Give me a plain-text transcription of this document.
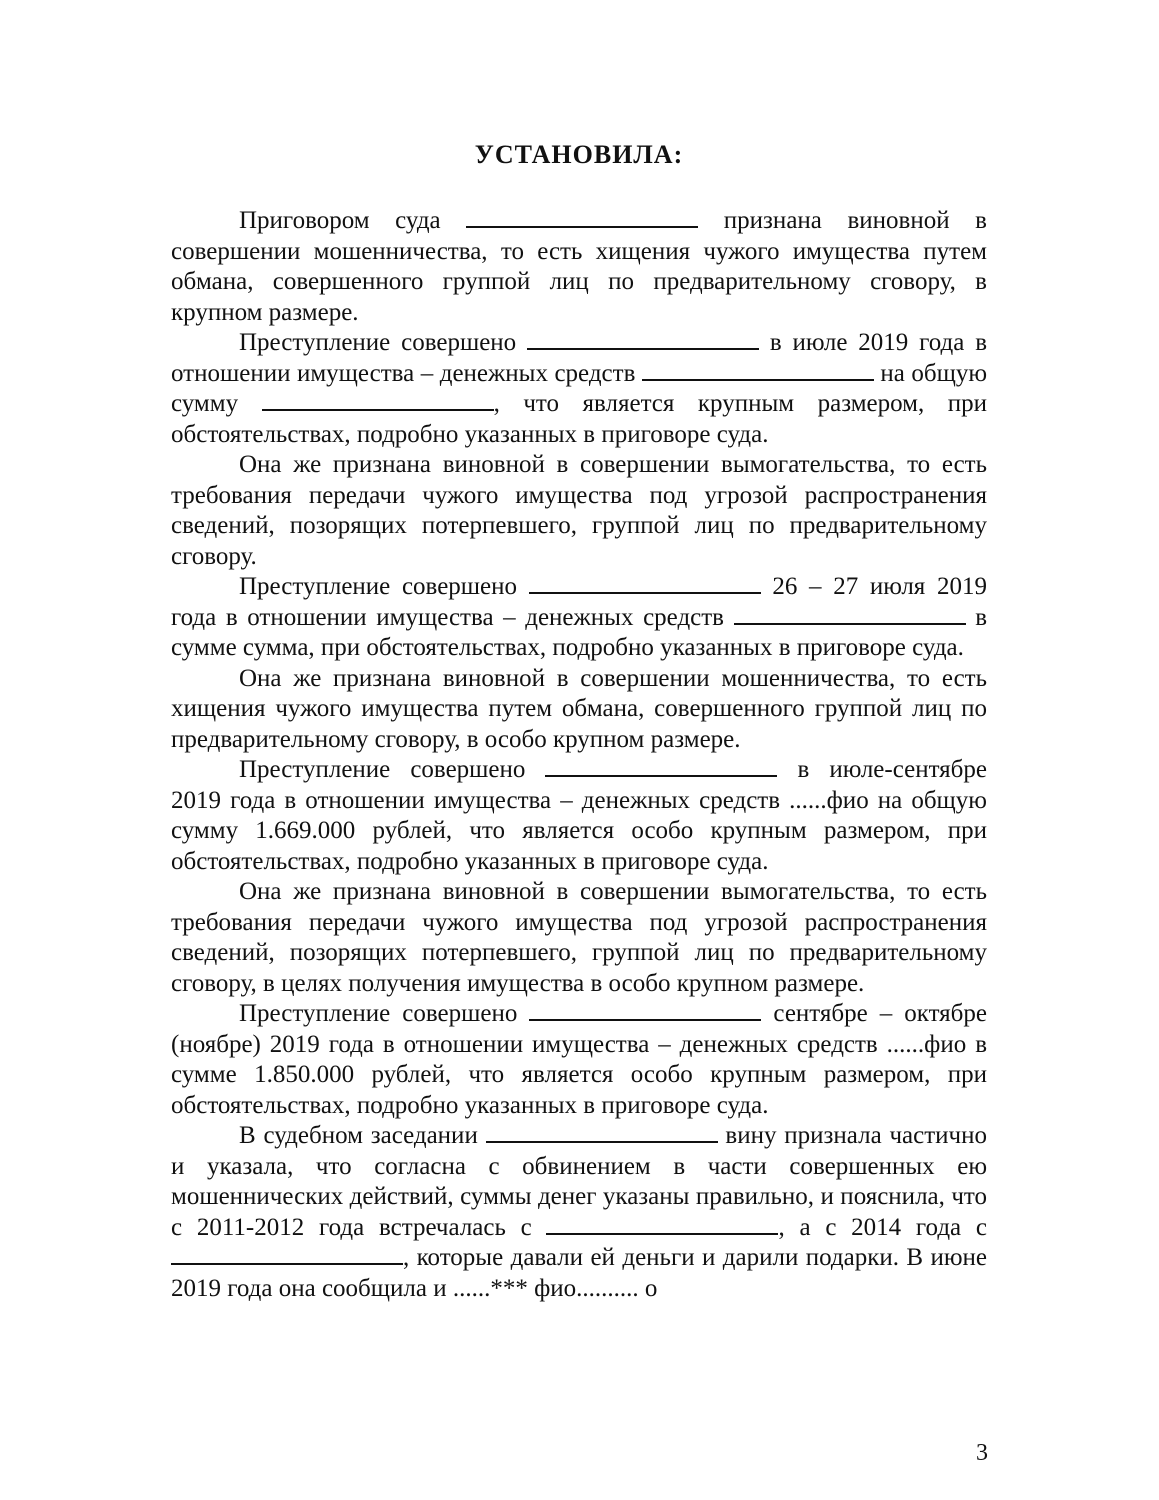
УСТАНОВИЛА:

Приговором суда	признана виновной в совершении мошенничества, то есть хищения чужого имущества путем обмана, совершенного группой лиц по предварительному сговору, в крупном размере.

Преступление совершено	в июле 2019 года в отношении имущества – денежных средств	на общую сумму	, что является крупным размером, при обстоятельствах, подробно указанных в приговоре суда.

Она же признана виновной в совершении вымогательства, то есть требования передачи чужого имущества под угрозой распространения сведений, позорящих потерпевшего, группой лиц по предварительному сговору.

Преступление совершено	26 – 27 июля 2019 года в отношении имущества – денежных средств	в сумме сумма, при обстоятельствах, подробно указанных в приговоре суда.

Она же признана виновной в совершении мошенничества, то есть хищения чужого имущества путем обмана, совершенного группой лиц по предварительному сговору, в особо крупном размере.

Преступление совершено	в июле-сентябре 2019 года в отношении имущества – денежных средств ......фио на общую сумму 1.669.000 рублей, что является особо крупным размером, при обстоятельствах, подробно указанных в приговоре суда.

Она же признана виновной в совершении вымогательства, то есть требования передачи чужого имущества под угрозой распространения сведений, позорящих потерпевшего, группой лиц по предварительному сговору, в целях получения имущества в особо крупном размере.

Преступление совершено	сентябре – октябре (ноябре) 2019 года в отношении имущества – денежных средств ......фио в сумме 1.850.000 рублей, что является особо крупным размером, при обстоятельствах, подробно указанных в приговоре суда.

В судебном заседании	вину признала частично и указала, что согласна с обвинением в части совершенных ею мошеннических действий, суммы денег указаны правильно, и пояснила, что с 2011-2012 года встречалась с	, а с 2014 года с , которые давали ей деньги и дарили подарки. В июне 2019 года она сообщила и ......*** фио.......... о

3
